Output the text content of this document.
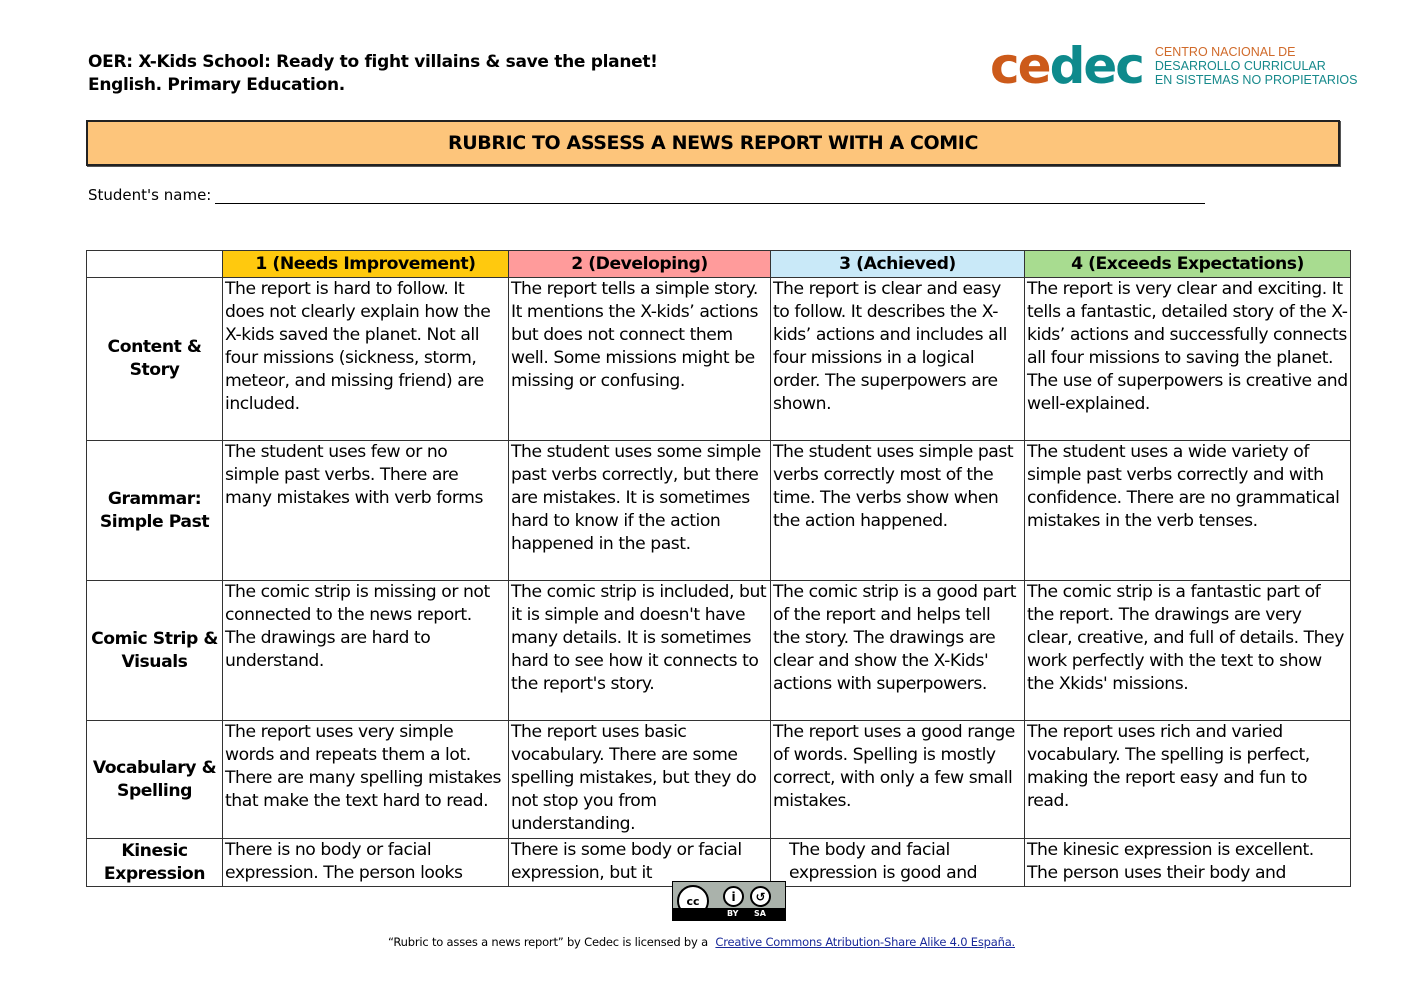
OER: X-Kids School: Ready to fight villains & save the planet!
English. Primary Education.	cedec CENTRO NACIONAL DE
DESARROLLO CURRICULAR
EN SISTEMAS NO PROPIETARIOS
RUBRIC TO ASSESS A NEWS REPORT WITH A COMIC
Student's name:
	1 (Needs Improvement)	2 (Developing)	3 (Achieved)	4 (Exceeds Expectations)
Content &
Story	The report is hard to follow. It does not clearly explain how the X-kids saved the planet. Not all four missions (sickness, storm, meteor, and missing friend) are included.	The report tells a simple story. It mentions the X-kids’ actions but does not connect them well. Some missions might be missing or confusing.	The report is clear and easy to follow. It describes the X-kids’ actions and includes all four missions in a logical order. The superpowers are shown.	The report is very clear and exciting. It tells a fantastic, detailed story of the X-kids’ actions and successfully connects all four missions to saving the planet. The use of superpowers is creative and well-explained.
Grammar:
Simple Past	The student uses few or no simple past verbs. There are many mistakes with verb forms	The student uses some simple past verbs correctly, but there are mistakes. It is sometimes hard to know if the action happened in the past.	The student uses simple past verbs correctly most of the time. The verbs show when the action happened.	The student uses a wide variety of simple past verbs correctly and with confidence. There are no grammatical mistakes in the verb tenses.
Comic Strip &
Visuals	The comic strip is missing or not connected to the news report. The drawings are hard to understand.	The comic strip is included, but it is simple and doesn't have many details. It is sometimes hard to see how it connects to the report's story.	The comic strip is a good part of the report and helps tell the story. The drawings are clear and show the X-Kids' actions with superpowers.	The comic strip is a fantastic part of the report. The drawings are very clear, creative, and full of details. They work perfectly with the text to show the Xkids' missions.
Vocabulary &
Spelling	The report uses very simple words and repeats them a lot. There are many spelling mistakes that make the text hard to read.	The report uses basic vocabulary. There are some spelling mistakes, but they do not stop you from understanding.	The report uses a good range of words. Spelling is mostly correct, with only a few small mistakes.	The report uses rich and varied vocabulary. The spelling is perfect, making the report easy and fun to read.
Kinesic
Expression	There is no body or facial expression. The person looks	There is some body or facial expression, but it	The body and facial expression is good and	The kinesic expression is excellent. The person uses their body and
cc	i	↺
BY SA
“Rubric to asses a news report” by Cedec is licensed by a Creative Commons Atribution-Share Alike 4.0 España.
